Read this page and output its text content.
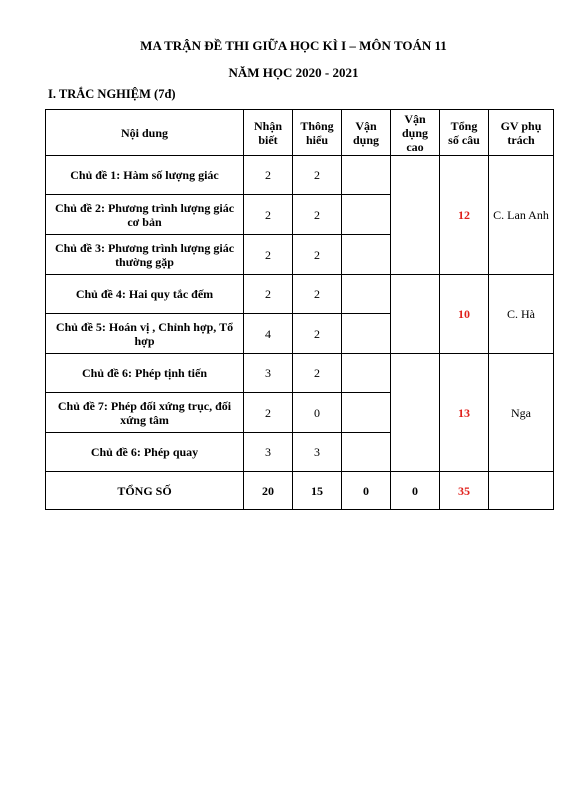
MA TRẬN ĐỀ THI GIỮA HỌC KÌ I – MÔN TOÁN 11
NĂM HỌC 2020 - 2021
I. TRẮC NGHIỆM (7đ)
Nội dung	Nhận biết	Thông hiểu	Vận dụng	Vận dụng cao	Tổng số câu	GV phụ trách
Chủ đề 1: Hàm số lượng giác	2	2			12	C. Lan Anh
Chủ đề 2: Phương trình lượng giác cơ bản	2	2				
Chủ đề 3: Phương trình lượng giác thường gặp	2	2				
Chủ đề 4: Hai quy tắc đếm	2	2			10	C. Hà
Chủ đề 5: Hoán vị , Chỉnh hợp, Tổ hợp	4	2				
Chủ đề 6: Phép tịnh tiến	3	2			13	Nga
Chủ đề 7: Phép đối xứng trục, đối xứng tâm	2	0				
Chủ đề 6: Phép quay	3	3				
TỔNG SỐ	20	15	0	0	35	
